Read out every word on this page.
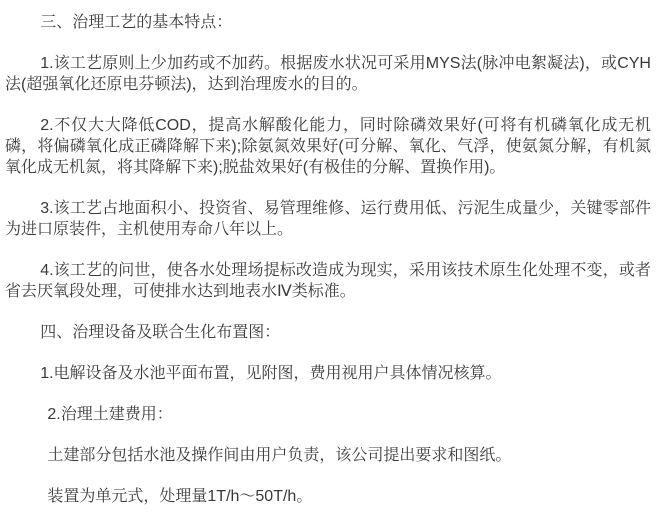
三、治理工艺的基本特点：

1.该工艺原则上少加药或不加药。根据废水状况可采用MYS法(脉冲电絮凝法)，或CYH法(超强氧化还原电芬顿法)，达到治理废水的目的。

2.不仅大大降低COD，提高水解酸化能力，同时除磷效果好(可将有机磷氧化成无机磷，将偏磷氧化成正磷降解下来);除氨氮效果好(可分解、氧化、气浮，使氨氮分解，有机氮氧化成无机氮，将其降解下来);脱盐效果好(有极佳的分解、置换作用)。

3.该工艺占地面积小、投资省、易管理维修、运行费用低、污泥生成量少，关键零部件为进口原装件，主机使用寿命八年以上。

4.该工艺的问世，使各水处理场提标改造成为现实，采用该技术原生化处理不变，或者省去厌氧段处理，可使排水达到地表水Ⅳ类标准。

四、治理设备及联合生化布置图：

1.电解设备及水池平面布置，见附图，费用视用户具体情况核算。

2.治理土建费用：

土建部分包括水池及操作间由用户负责，该公司提出要求和图纸。

装置为单元式，处理量1T/h～50T/h。
